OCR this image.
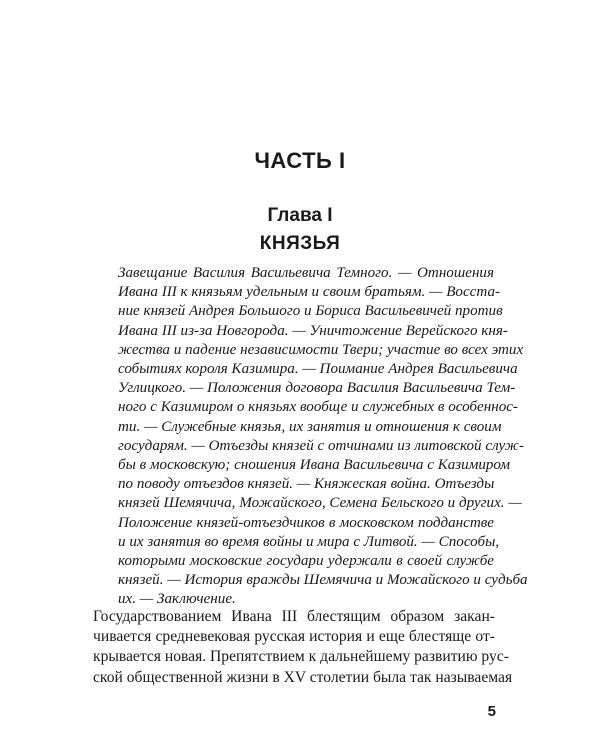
ЧАСТЬ I
Глава I
КНЯЗЬЯ
Завещание Василия Васильевича Темного. — Отношения
Ивана III к князьям удельным и своим братьям. — Восста-
ние князей Андрея Большого и Бориса Васильевичей против
Ивана III из-за Новгорода. — Уничтожение Верейского кня-
жества и падение независимости Твери; участие во всех этих
событиях короля Казимира. — Поимание Андрея Васильевича
Углицкого. — Положения договора Василия Васильевича Тем-
ного с Казимиром о князьях вообще и служебных в особеннос-
ти. — Служебные князья, их занятия и отношения к своим
государям. — Отъезды князей с отчинами из литовской служ-
бы в московскую; сношения Ивана Васильевича с Казимиром
по поводу отъездов князей. — Княжеская война. Отъезды
князей Шемячича, Можайского, Семена Бельского и других. —
Положение князей-отъездчиков в московском подданстве
и их занятия во время войны и мира с Литвой. — Способы,
которыми московские государи удержали в своей службе
князей. — История вражды Шемячича и Можайского и судьба
их. — Заключение.
Государствованием Ивана III блестящим образом закан-
чивается средневековая русская история и еще блестяще от-
крывается новая. Препятствием к дальнейшему развитию рус-
ской общественной жизни в XV столетии была так называемая
5
